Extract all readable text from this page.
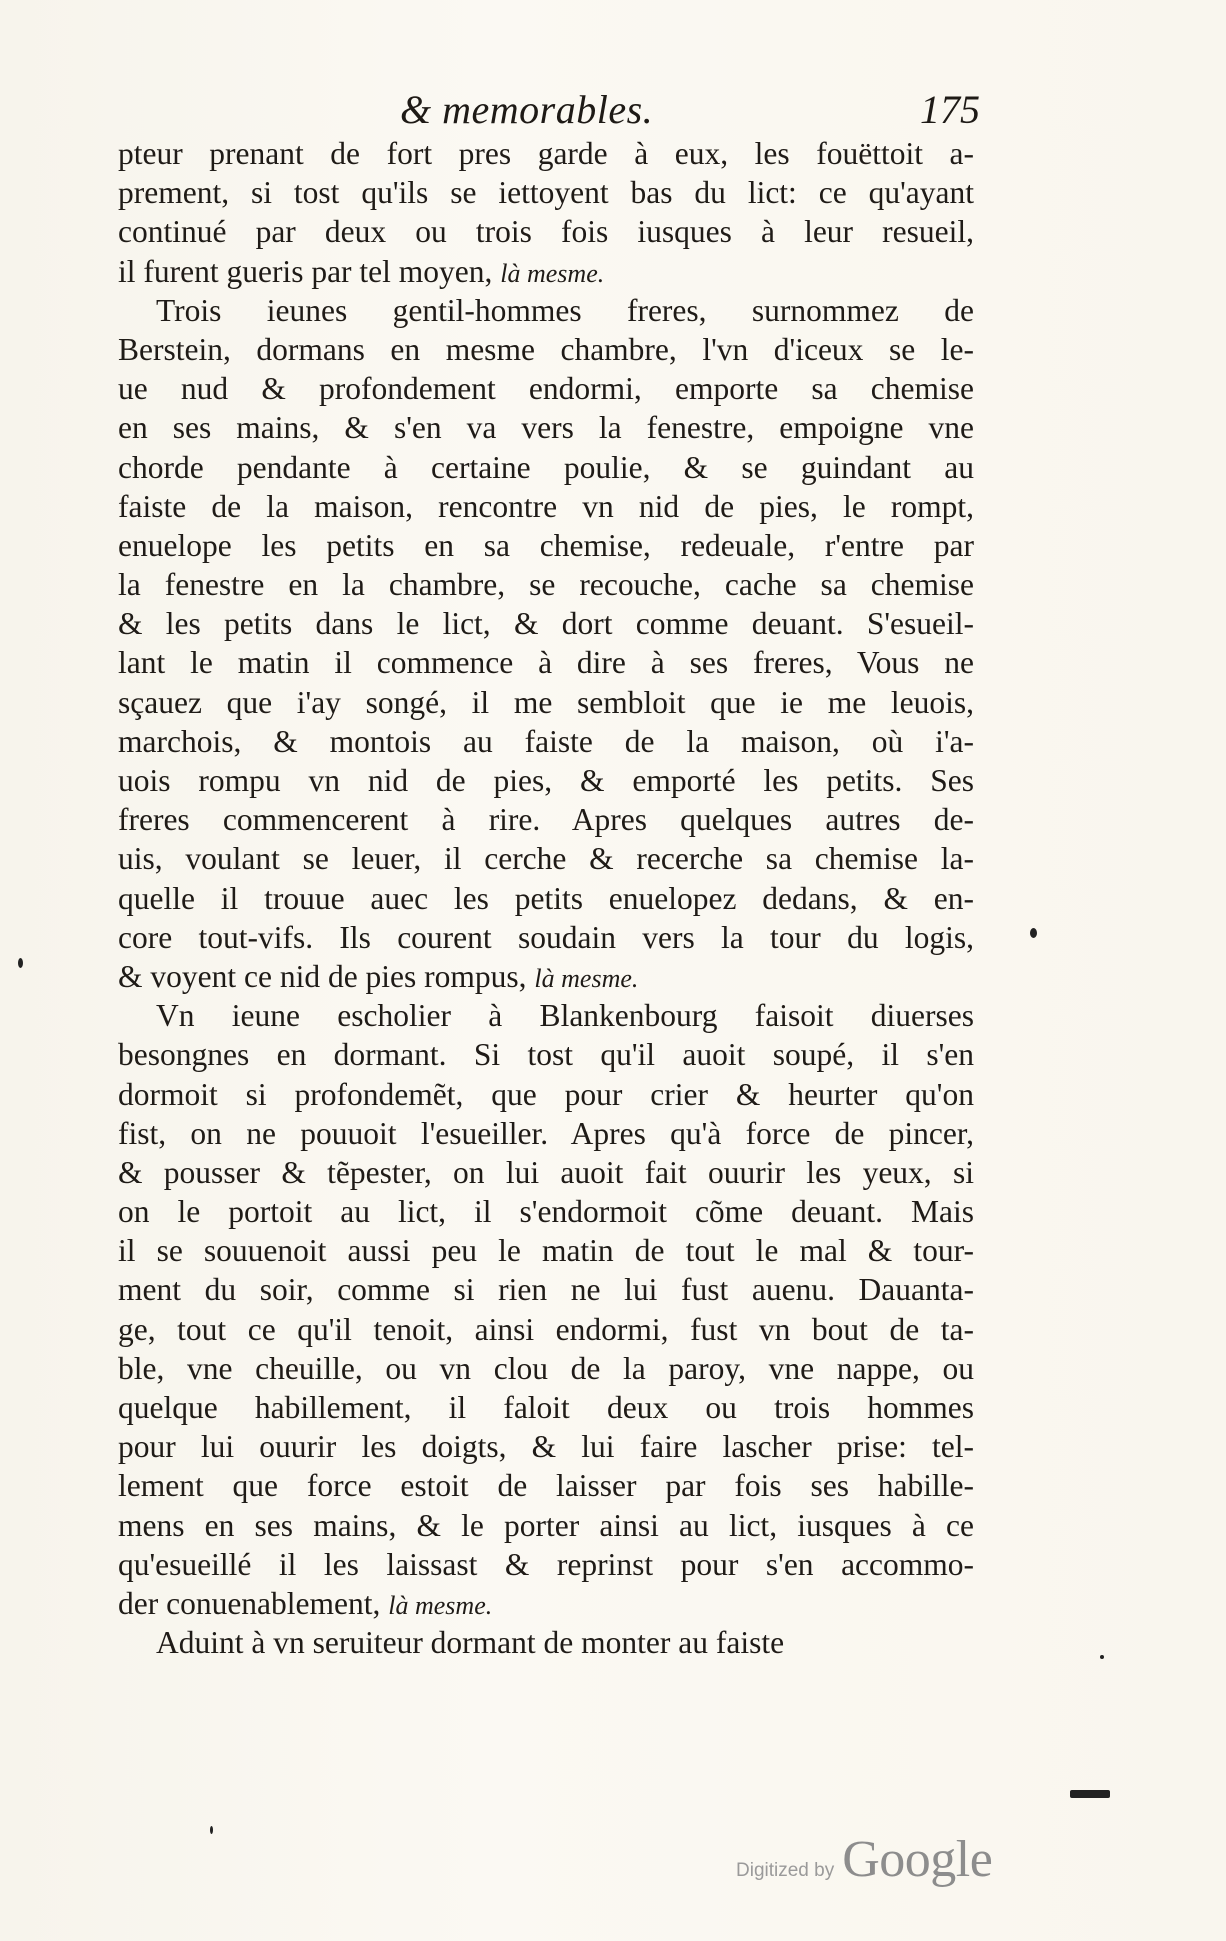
& memorables.	175
pteur prenant de fort pres garde à eux, les fouëttoit a-
prement, si tost qu'ils se iettoyent bas du lict: ce qu'ayant
continué par deux ou trois fois iusques à leur resueil,
il furent gueris par tel moyen, là mesme.
Trois ieunes gentil-hommes freres, surnommez de
Berstein, dormans en mesme chambre, l'vn d'iceux se le-
ue nud & profondement endormi, emporte sa chemise
en ses mains, & s'en va vers la fenestre, empoigne vne
chorde pendante à certaine poulie, & se guindant au
faiste de la maison, rencontre vn nid de pies, le rompt,
enuelope les petits en sa chemise, redeuale, r'entre par
la fenestre en la chambre, se recouche, cache sa chemise
& les petits dans le lict, & dort comme deuant. S'esueil-
lant le matin il commence à dire à ses freres, Vous ne
sçauez que i'ay songé, il me sembloit que ie me leuois,
marchois, & montois au faiste de la maison, où i'a-
uois rompu vn nid de pies, & emporté les petits. Ses
freres commencerent à rire. Apres quelques autres de-
uis, voulant se leuer, il cerche & recerche sa chemise la-
quelle il trouue auec les petits enuelopez dedans, & en-
core tout-vifs. Ils courent soudain vers la tour du logis,
& voyent ce nid de pies rompus, là mesme.
Vn ieune escholier à Blankenbourg faisoit diuerses
besongnes en dormant. Si tost qu'il auoit soupé, il s'en
dormoit si profondemẽt, que pour crier & heurter qu'on
fist, on ne pouuoit l'esueiller. Apres qu'à force de pincer,
& pousser & tẽpester, on lui auoit fait ouurir les yeux, si
on le portoit au lict, il s'endormoit cõme deuant. Mais
il se souuenoit aussi peu le matin de tout le mal & tour-
ment du soir, comme si rien ne lui fust auenu. Dauanta-
ge, tout ce qu'il tenoit, ainsi endormi, fust vn bout de ta-
ble, vne cheuille, ou vn clou de la paroy, vne nappe, ou
quelque habillement, il faloit deux ou trois hommes
pour lui ouurir les doigts, & lui faire lascher prise: tel-
lement que force estoit de laisser par fois ses habille-
mens en ses mains, & le porter ainsi au lict, iusques à ce
qu'esueillé il les laissast & reprinst pour s'en accommo-
der conuenablement, là mesme.
Aduint à vn seruiteur dormant de monter au faiste
Digitized by Google
